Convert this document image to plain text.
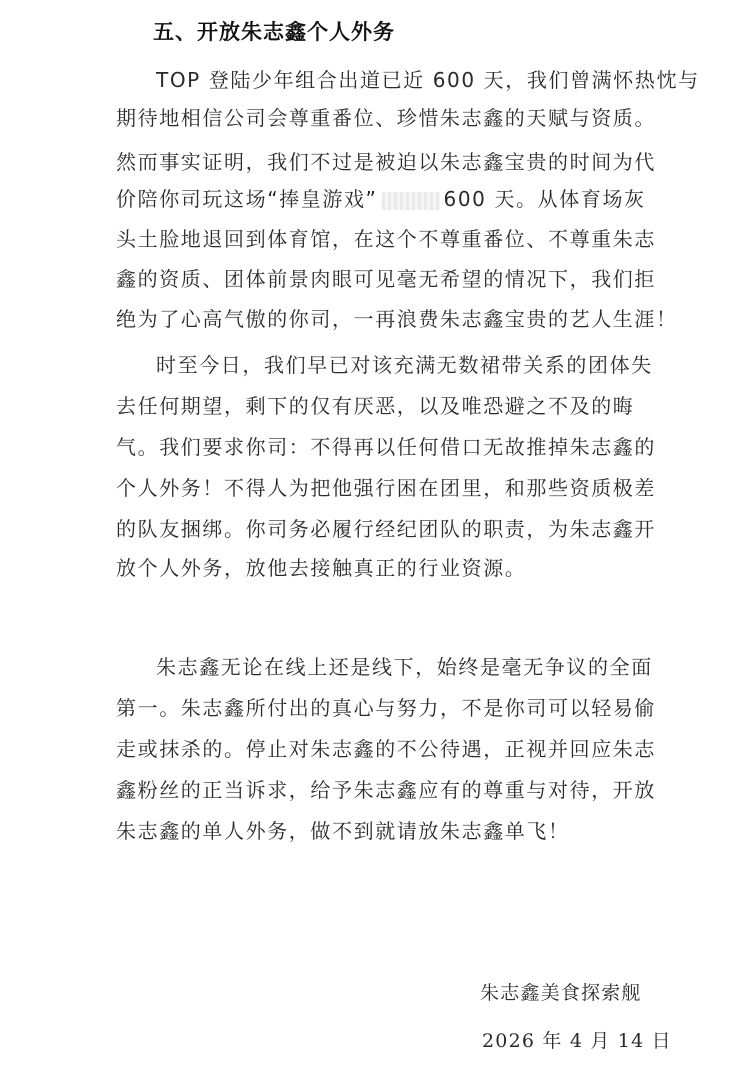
五、开放朱志鑫个人外务
TOP 登陆少年组合出道已近 600 天，我们曾满怀热忱与
期待地相信公司会尊重番位、珍惜朱志鑫的天赋与资质。
然而事实证明，我们不过是被迫以朱志鑫宝贵的时间为代
价陪你司玩这场“捧皇游戏”	600 天。从体育场灰
头土脸地退回到体育馆，在这个不尊重番位、不尊重朱志
鑫的资质、团体前景肉眼可见毫无希望的情况下，我们拒
绝为了心高气傲的你司，一再浪费朱志鑫宝贵的艺人生涯！
时至今日，我们早已对该充满无数裙带关系的团体失
去任何期望，剩下的仅有厌恶，以及唯恐避之不及的晦
气。我们要求你司：不得再以任何借口无故推掉朱志鑫的
个人外务！不得人为把他强行困在团里，和那些资质极差
的队友捆绑。你司务必履行经纪团队的职责，为朱志鑫开
放个人外务，放他去接触真正的行业资源。
朱志鑫无论在线上还是线下，始终是毫无争议的全面
第一。朱志鑫所付出的真心与努力，不是你司可以轻易偷
走或抹杀的。停止对朱志鑫的不公待遇，正视并回应朱志
鑫粉丝的正当诉求，给予朱志鑫应有的尊重与对待，开放
朱志鑫的单人外务，做不到就请放朱志鑫单飞！
朱志鑫美食探索舰
2026 年 4 月 14 日
